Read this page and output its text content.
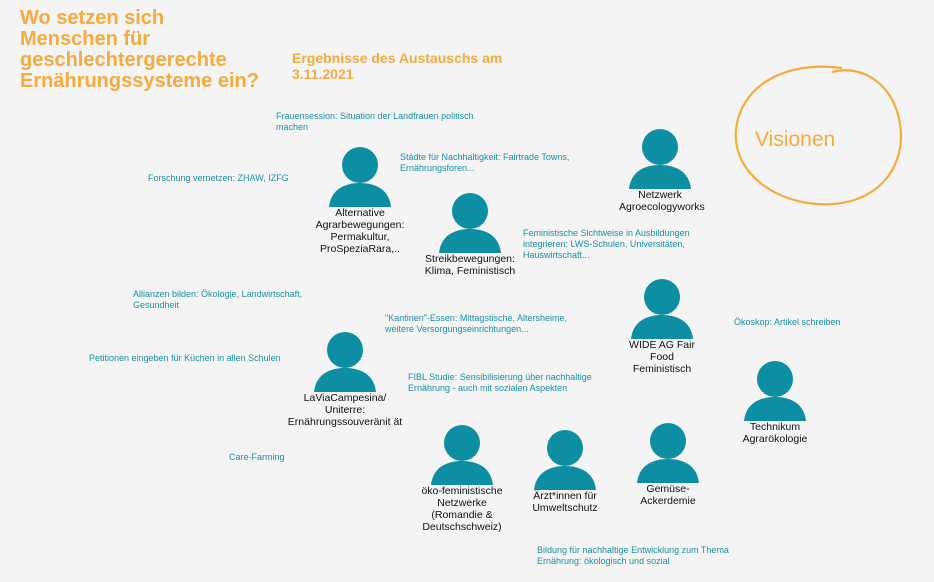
Wo setzen sich Menschen für geschlechtergerechte Ernährungssysteme ein?
Ergebnisse des Austauschs am 3.11.2021
Visionen
Frauensession: Situation der Landfrauen politisch machen
Städte für Nachhaltigkeit: Fairtrade Towns, Ernährungsforen...
Forschung vernetzen: ZHAW, IZFG
Feministische Sichtweise in Ausbildungen integrieren: LWS-Schulen, Universitäten, Hauswirtschaft...
Allianzen bilden: Ökologie, Landwirtschaft, Gesundheit
"Kantinen"-Essen: Mittagstische, Altersheime, weitere Versorgungseinrichtungen...
Ökoskop: Artikel schreiben
Petitionen eingeben für Küchen in allen Schulen
FIBL Studie: Sensibilisierung über nachhaltige Ernährung - auch mit sozialen Aspekten
Care-Farming
Bildung für nachhaltige Entwicklung zum Thema Ernährung: ökologisch und sozial
Netzwerk Agroecologyworks
Alternative Agrarbewegungen: Permakultur, ProSpeziaRara,..
Streikbewegungen: Klima, Feministisch
WIDE AG Fair Food Feministisch
LaViaCampesina/ Uniterre: Ernährungssouveränit ät	Technikum Agrarökologie
öko-feministische Netzwerke (Romandie & Deutschschweiz)
Ärzt*innen für Umweltschutz
Gemüse-Ackerdemie
